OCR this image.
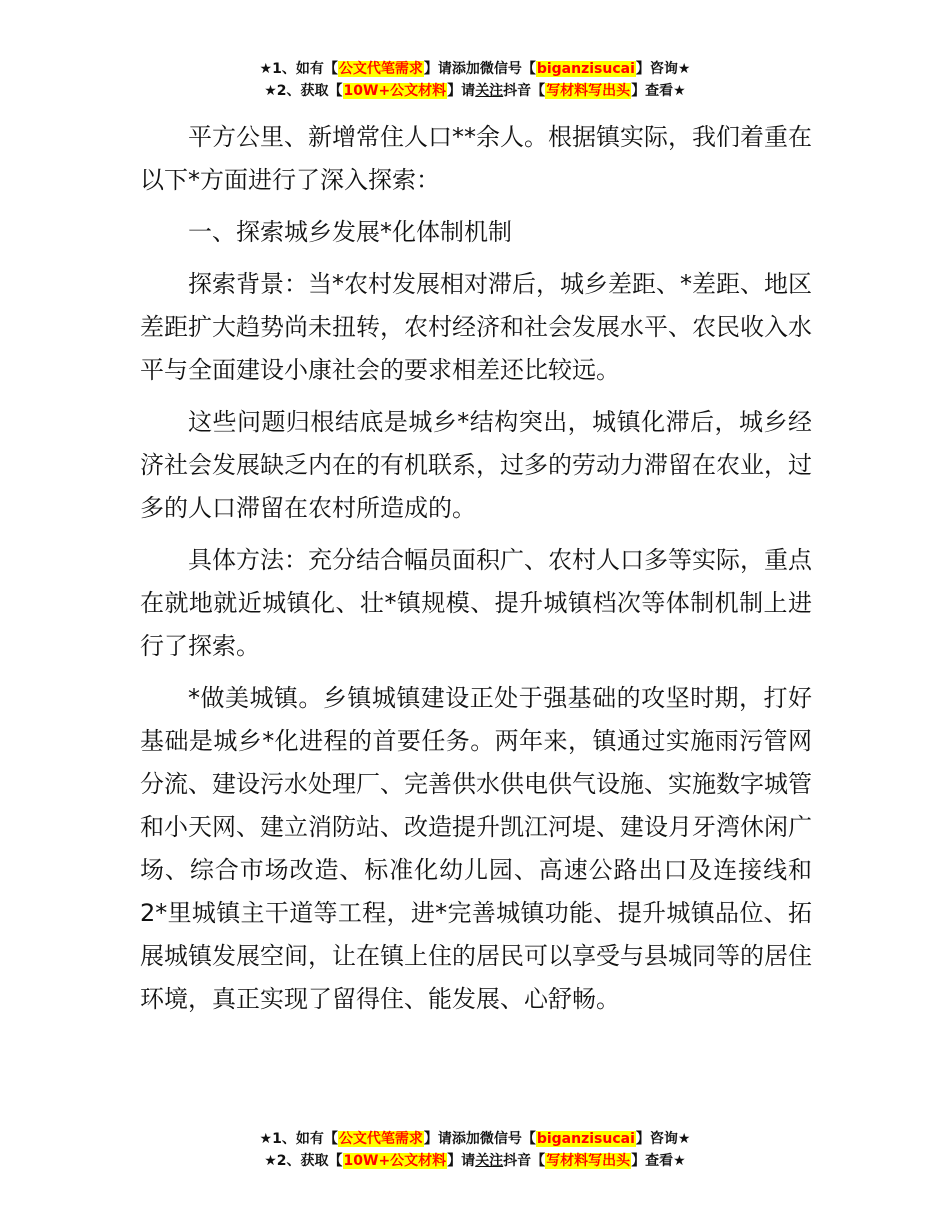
★1、如有【公文代笔需求】请添加微信号【biganzisucai】咨询★
★2、获取【10W+公文材料】请关注抖音【写材料写出头】查看★

平方公里、新增常住人口**余人。根据镇实际，我们着重在以下*方面进行了深入探索：

一、探索城乡发展*化体制机制

探索背景：当*农村发展相对滞后，城乡差距、*差距、地区差距扩大趋势尚未扭转，农村经济和社会发展水平、农民收入水平与全面建设小康社会的要求相差还比较远。

这些问题归根结底是城乡*结构突出，城镇化滞后，城乡经济社会发展缺乏内在的有机联系，过多的劳动力滞留在农业，过多的人口滞留在农村所造成的。

具体方法：充分结合幅员面积广、农村人口多等实际，重点在就地就近城镇化、壮*镇规模、提升城镇档次等体制机制上进行了探索。

*做美城镇。乡镇城镇建设正处于强基础的攻坚时期，打好基础是城乡*化进程的首要任务。两年来，镇通过实施雨污管网分流、建设污水处理厂、完善供水供电供气设施、实施数字城管和小天网、建立消防站、改造提升凯江河堤、建设月牙湾休闲广场、综合市场改造、标准化幼儿园、高速公路出口及连接线和2*里城镇主干道等工程，进*完善城镇功能、提升城镇品位、拓展城镇发展空间，让在镇上住的居民可以享受与县城同等的居住环境，真正实现了留得住、能发展、心舒畅。

★1、如有【公文代笔需求】请添加微信号【biganzisucai】咨询★
★2、获取【10W+公文材料】请关注抖音【写材料写出头】查看★
